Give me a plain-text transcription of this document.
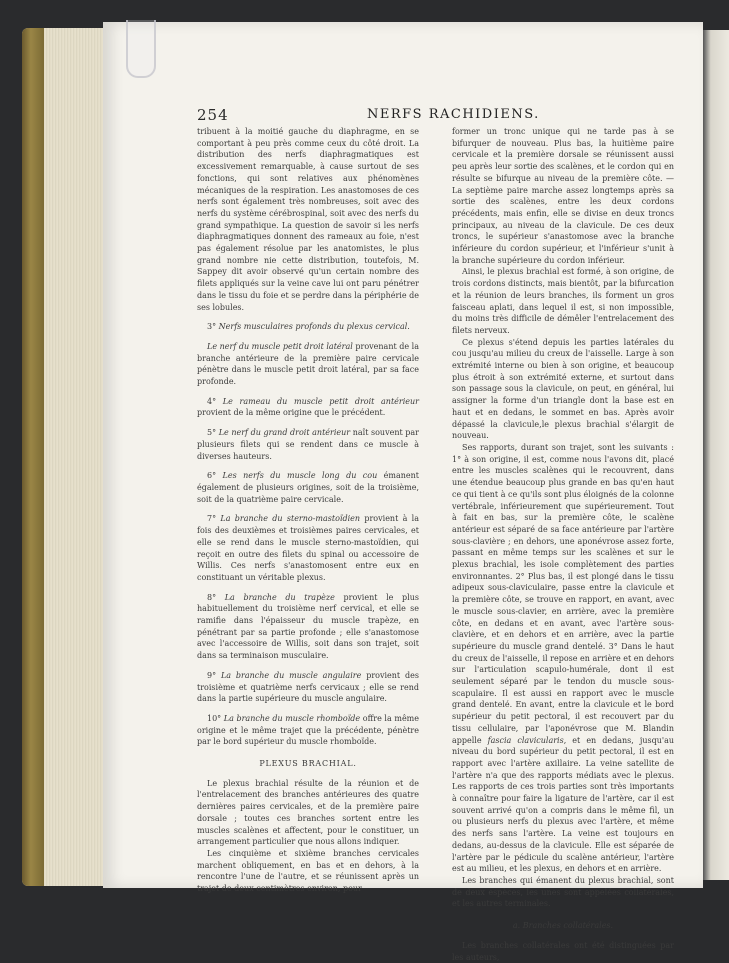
254	NERFS RACHIDIENS.

tribuent à la moitié gauche du diaphragme, en se comportant à peu près comme ceux du côté droit. La distribution des nerfs diaphragmatiques est excessivement remarquable, à cause surtout de ses fonctions, qui sont relatives aux phénomènes mécaniques de la respiration. Les anastomoses de ces nerfs sont également très nombreuses, soit avec des nerfs du système cérébrospinal, soit avec des nerfs du grand sympathique. La question de savoir si les nerfs diaphragmatiques donnent des rameaux au foie, n'est pas également résolue par les anatomistes, le plus grand nombre nie cette distribution, toutefois, M. Sappey dit avoir observé qu'un certain nombre des filets appliqués sur la veine cave lui ont paru pénétrer dans le tissu du foie et se perdre dans la périphérie de ses lobules.

3° Nerfs musculaires profonds du plexus cervical.

Le nerf du muscle petit droit latéral provenant de la branche antérieure de la première paire cervicale pénètre dans le muscle petit droit latéral, par sa face profonde.

4° Le rameau du muscle petit droit antérieur provient de la même origine que le précédent.

5° Le nerf du grand droit antérieur naît souvent par plusieurs filets qui se rendent dans ce muscle à diverses hauteurs.

6° Les nerfs du muscle long du cou émanent également de plusieurs origines, soit de la troisième, soit de la quatrième paire cervicale.

7° La branche du sterno-mastoïdien provient à la fois des deuxièmes et troisièmes paires cervicales, et elle se rend dans le muscle sterno-mastoïdien, qui reçoit en outre des filets du spinal ou accessoire de Willis. Ces nerfs s'anastomosent entre eux en constituant un véritable plexus.

8° La branche du trapèze provient le plus habituellement du troisième nerf cervical, et elle se ramifie dans l'épaisseur du muscle trapèze, en pénétrant par sa partie profonde ; elle s'anastomose avec l'accessoire de Willis, soit dans son trajet, soit dans sa terminaison musculaire.

9° La branche du muscle angulaire provient des troisième et quatrième nerfs cervicaux ; elle se rend dans la partie supérieure du muscle angulaire.

10° La branche du muscle rhomboïde offre la même origine et le même trajet que la précédente, pénètre par le bord supérieur du muscle rhomboïde.

PLEXUS BRACHIAL.

Le plexus brachial résulte de la réunion et de l'entrelacement des branches antérieures des quatre dernières paires cervicales, et de la première paire dorsale ; toutes ces branches sortent entre les muscles scalènes et affectent, pour le constituer, un arrangement particulier que nous allons indiquer.

Les cinquième et sixième branches cervicales marchent obliquement, en bas et en dehors, à la rencontre l'une de l'autre, et se réunissent après un trajet de deux centimètres environ, pour

former un tronc unique qui ne tarde pas à se bifurquer de nouveau. Plus bas, la huitième paire cervicale et la première dorsale se réunissent aussi peu après leur sortie des scalènes, et le cordon qui en résulte se bifurque au niveau de la première côte. — La septième paire marche assez longtemps après sa sortie des scalènes, entre les deux cordons précédents, mais enfin, elle se divise en deux troncs principaux, au niveau de la clavicule. De ces deux troncs, le supérieur s'anastomose avec la branche inférieure du cordon supérieur, et l'inférieur s'unit à la branche supérieure du cordon inférieur.

Ainsi, le plexus brachial est formé, à son origine, de trois cordons distincts, mais bientôt, par la bifurcation et la réunion de leurs branches, ils forment un gros faisceau aplati, dans lequel il est, si non impossible, du moins très difficile de démêler l'entrelacement des filets nerveux.

Ce plexus s'étend depuis les parties latérales du cou jusqu'au milieu du creux de l'aisselle. Large à son extrémité interne ou bien à son origine, et beaucoup plus étroit à son extrémité externe, et surtout dans son passage sous la clavicule, on peut, en général, lui assigner la forme d'un triangle dont la base est en haut et en dedans, le sommet en bas. Après avoir dépassé la clavicule,le plexus brachial s'élargit de nouveau.

Ses rapports, durant son trajet, sont les suivants : 1° à son origine, il est, comme nous l'avons dit, placé entre les muscles scalènes qui le recouvrent, dans une étendue beaucoup plus grande en bas qu'en haut ce qui tient à ce qu'ils sont plus éloignés de la colonne vertébrale, inférieurement que supérieurement. Tout à fait en bas, sur la première côte, le scalène antérieur est séparé de sa face antérieure par l'artère sous-clavière ; en dehors, une aponévrose assez forte, passant en même temps sur les scalènes et sur le plexus brachial, les isole complètement des parties environnantes. 2° Plus bas, il est plongé dans le tissu adipeux sous-claviculaire, passe entre la clavicule et la première côte, se trouve en rapport, en avant, avec le muscle sous-clavier, en arrière, avec la première côte, en dedans et en avant, avec l'artère sous-clavière, et en dehors et en arrière, avec la partie supérieure du muscle grand dentelé. 3° Dans le haut du creux de l'aisselle, il repose en arrière et en dehors sur l'articulation scapulo-humérale, dont il est seulement séparé par le tendon du muscle sous-scapulaire. Il est aussi en rapport avec le muscle grand dentelé. En avant, entre la clavicule et le bord supérieur du petit pectoral, il est recouvert par du tissu cellulaire, par l'aponévrose que M. Blandin appelle fascia clavicularis, et en dedans, jusqu'au niveau du bord supérieur du petit pectoral, il est en rapport avec l'artère axillaire. La veine satellite de l'artère n'a que des rapports médiats avec le plexus. Les rapports de ces trois parties sont très importants à connaître pour faire la ligature de l'artère, car il est souvent arrivé qu'on a compris dans le même fil, un ou plusieurs nerfs du plexus avec l'artère, et même des nerfs sans l'artère. La veine est toujours en dedans, au-dessus de la clavicule. Elle est séparée de l'artère par le pédicule du scalène antérieur, l'artère est au milieu, et les plexus, en dehors et en arrière.

Les branches qui émanent du plexus brachial, sont de deux espèces, les unes sont appelées collatérales, et les autres terminales.

a. Branches collatérales.

Les branches collatérales ont été distinguées par les auteurs,
